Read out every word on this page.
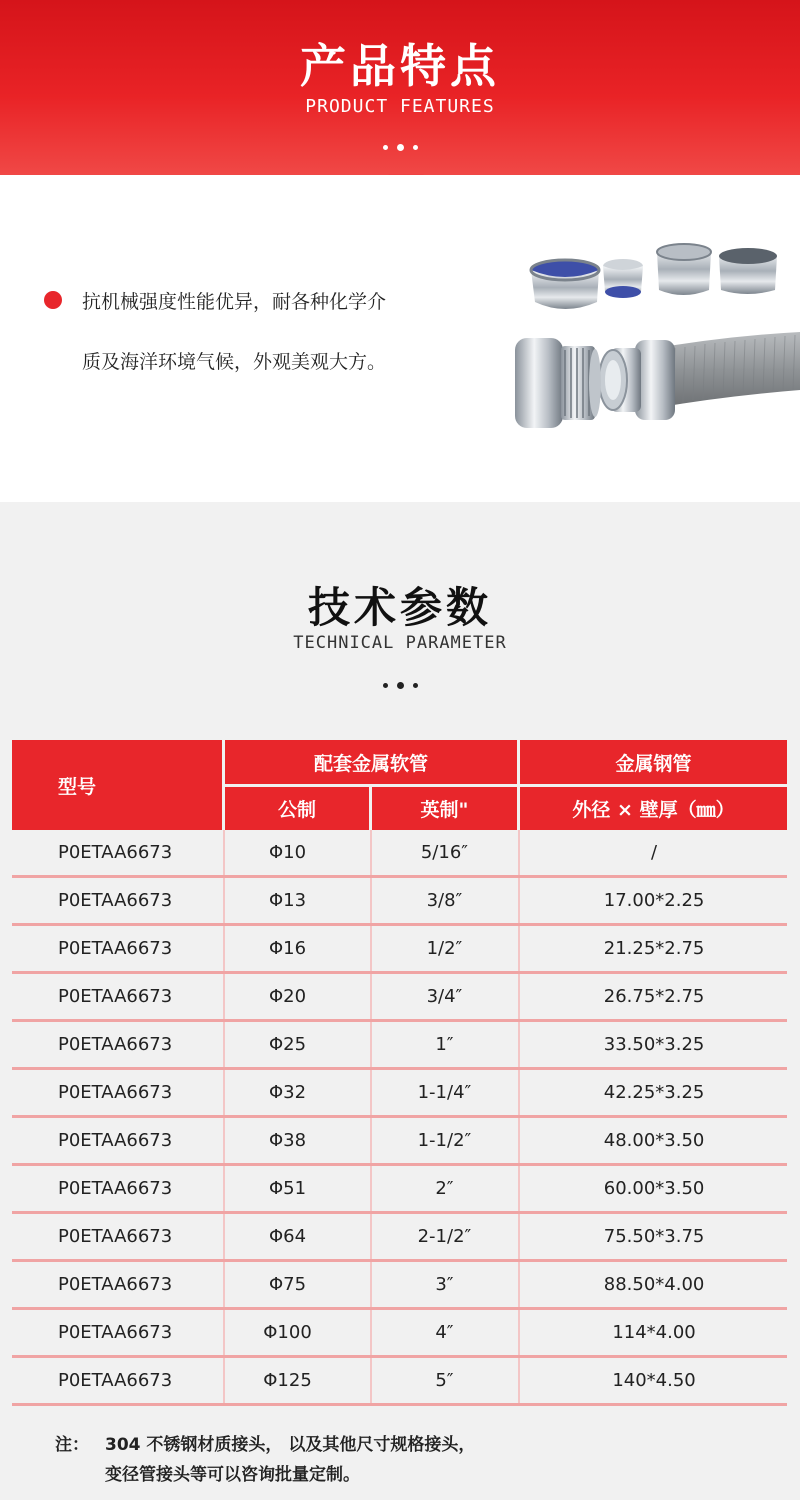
产品特点
PRODUCT FEATURES
抗机械强度性能优异，耐各种化学介
质及海洋环境气候，外观美观大方。
技术参数
TECHNICAL PARAMETER
型号
配套金属软管	金属钢管
公制	英制"	外径 × 壁厚（㎜）
P0ETAA6673	Φ10	5/16″	/
P0ETAA6673	Φ13	3/8″	17.00*2.25
P0ETAA6673	Φ16	1/2″	21.25*2.75
P0ETAA6673	Φ20	3/4″	26.75*2.75
P0ETAA6673	Φ25	1″	33.50*3.25
P0ETAA6673	Φ32	1-1/4″	42.25*3.25
P0ETAA6673	Φ38	1-1/2″	48.00*3.50
P0ETAA6673	Φ51	2″	60.00*3.50
P0ETAA6673	Φ64	2-1/2″	75.50*3.75
P0ETAA6673	Φ75	3″	88.50*4.00
P0ETAA6673	Φ100	4″	114*4.00
P0ETAA6673	Φ125	5″	140*4.50
注： 304 不锈钢材质接头， 以及其他尺寸规格接头，
变径管接头等可以咨询批量定制。
